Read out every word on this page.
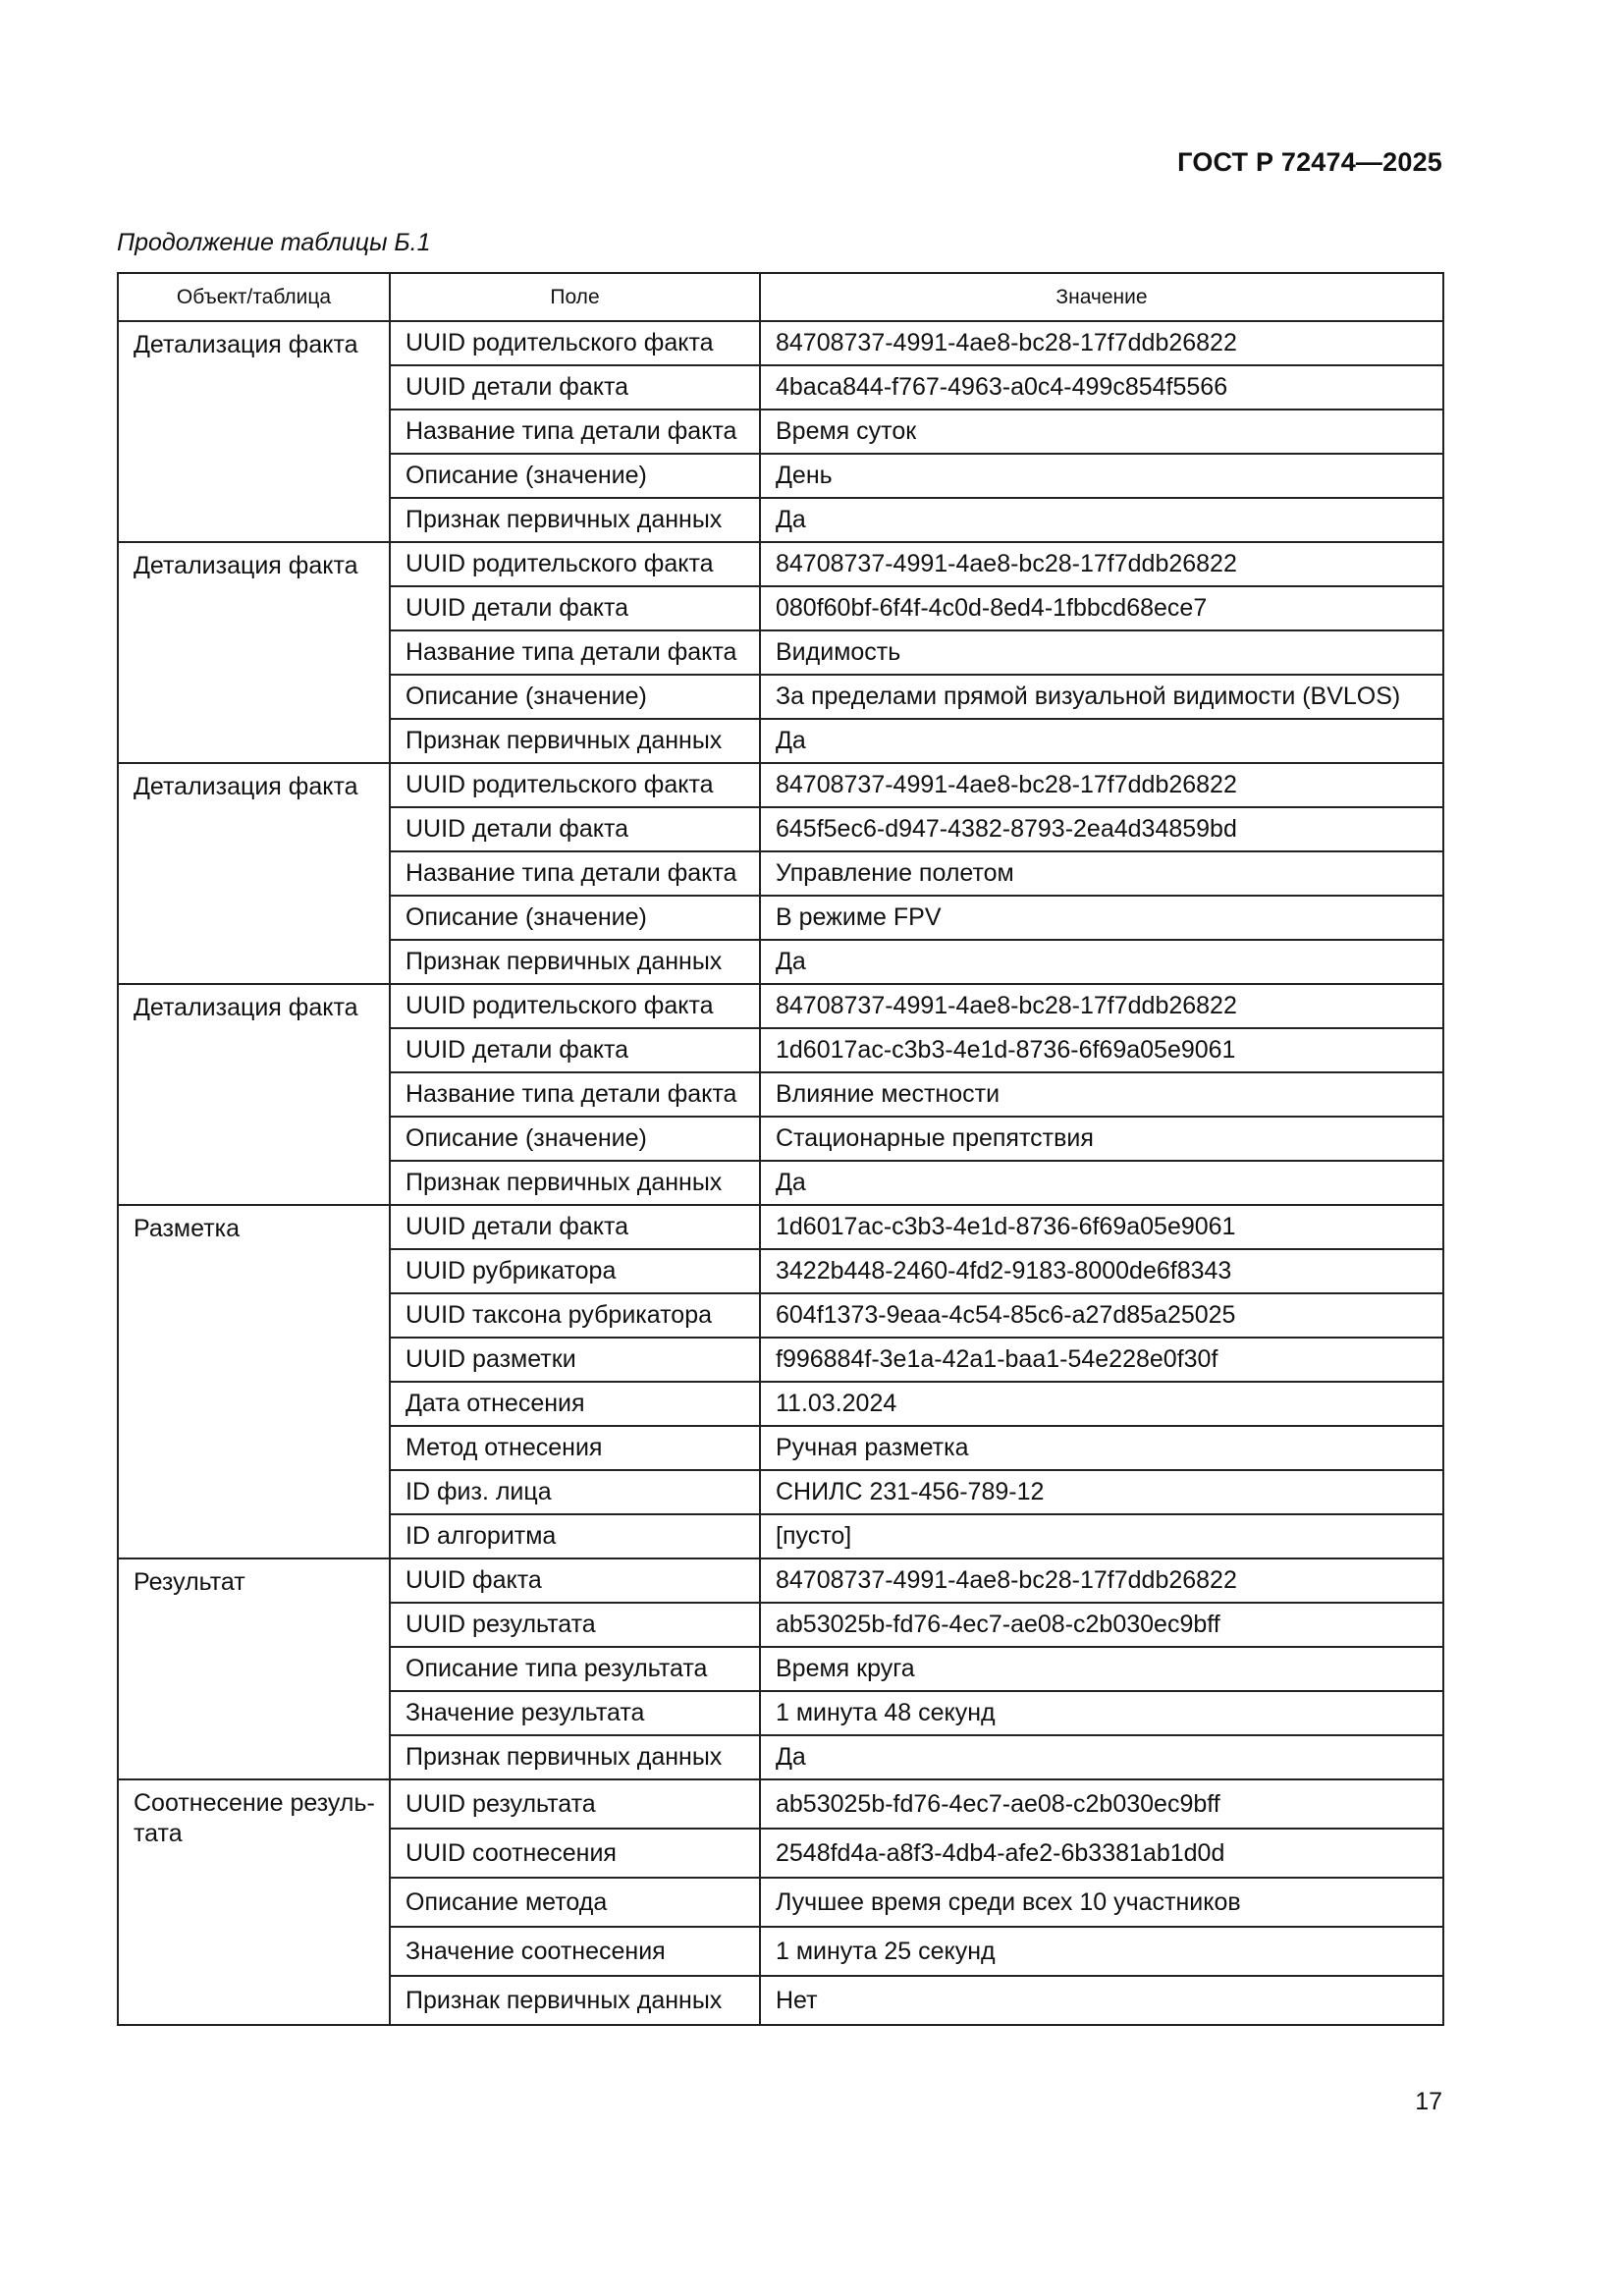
ГОСТ Р 72474—2025
Продолжение таблицы Б.1
Объект/таблица	Поле	Значение
Детализация факта	UUID родительского факта	84708737-4991-4ae8-bc28-17f7ddb26822
	UUID детали факта	4baca844-f767-4963-a0c4-499c854f5566
	Название типа детали факта	Время суток
	Описание (значение)	День
	Признак первичных данных	Да
Детализация факта	UUID родительского факта	84708737-4991-4ae8-bc28-17f7ddb26822
	UUID детали факта	080f60bf-6f4f-4c0d-8ed4-1fbbcd68ece7
	Название типа детали факта	Видимость
	Описание (значение)	За пределами прямой визуальной видимости (BVLOS)
	Признак первичных данных	Да
Детализация факта	UUID родительского факта	84708737-4991-4ae8-bc28-17f7ddb26822
	UUID детали факта	645f5ec6-d947-4382-8793-2ea4d34859bd
	Название типа детали факта	Управление полетом
	Описание (значение)	В режиме FPV
	Признак первичных данных	Да
Детализация факта	UUID родительского факта	84708737-4991-4ae8-bc28-17f7ddb26822
	UUID детали факта	1d6017ac-c3b3-4e1d-8736-6f69a05e9061
	Название типа детали факта	Влияние местности
	Описание (значение)	Стационарные препятствия
	Признак первичных данных	Да
Разметка	UUID детали факта	1d6017ac-c3b3-4e1d-8736-6f69a05e9061
	UUID рубрикатора	3422b448-2460-4fd2-9183-8000de6f8343
	UUID таксона рубрикатора	604f1373-9eaa-4c54-85c6-a27d85a25025
	UUID разметки	f996884f-3e1a-42a1-baa1-54e228e0f30f
	Дата отнесения	11.03.2024
	Метод отнесения	Ручная разметка
	ID физ. лица	СНИЛС 231-456-789-12
	ID алгоритма	[пусто]
Результат	UUID факта	84708737-4991-4ae8-bc28-17f7ddb26822
	UUID результата	ab53025b-fd76-4ec7-ae08-c2b030ec9bff
	Описание типа результата	Время круга
	Значение результата	1 минута 48 секунд
	Признак первичных данных	Да
Соотнесение резуль-
тата	UUID результата	ab53025b-fd76-4ec7-ae08-c2b030ec9bff
	UUID соотнесения	2548fd4a-a8f3-4db4-afe2-6b3381ab1d0d
	Описание метода	Лучшее время среди всех 10 участников
	Значение соотнесения	1 минута 25 секунд
	Признак первичных данных	Нет
17
